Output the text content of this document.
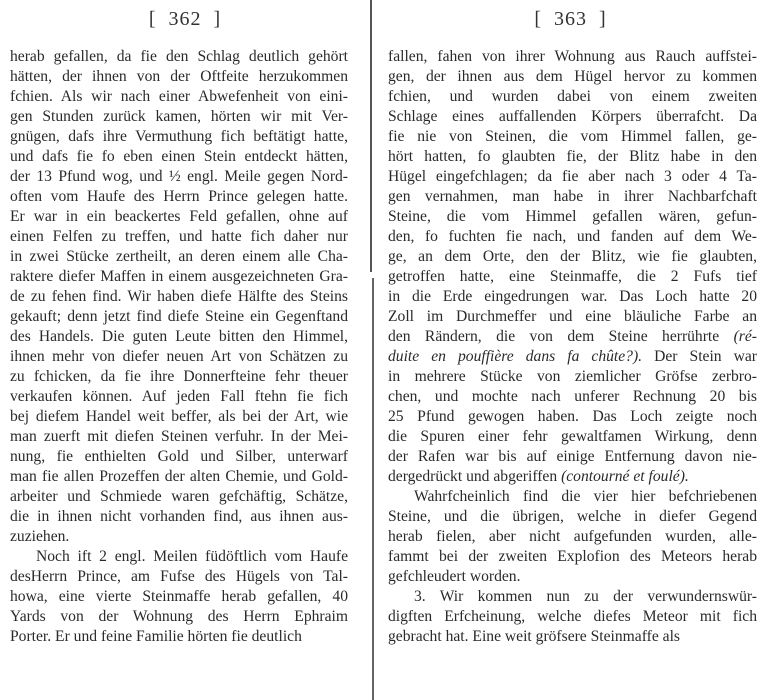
[ 362 ]
herab gefallen, da fie den Schlag deutlich gehört
hätten, der ihnen von der Oftfeite herzukommen
fchien. Als wir nach einer Abwefenheit von eini-
gen Stunden zurück kamen, hörten wir mit Ver-
gnügen, dafs ihre Vermuthung fich beftätigt hatte,
und dafs fie fo eben einen Stein entdeckt hätten,
der 13 Pfund wog, und ½ engl. Meile gegen Nord-
often vom Haufe des Herrn Prince gelegen hatte.
Er war in ein beackertes Feld gefallen, ohne auf
einen Felfen zu treffen, und hatte fich daher nur
in zwei Stücke zertheilt, an deren einem alle Cha-
raktere diefer Maffen in einem ausgezeichneten Gra-
de zu fehen find. Wir haben diefe Hälfte des Steins
gekauft; denn jetzt find diefe Steine ein Gegenftand
des Handels. Die guten Leute bitten den Himmel,
ihnen mehr von diefer neuen Art von Schätzen zu
zu fchicken, da fie ihre Donnerfteine fehr theuer
verkaufen können. Auf jeden Fall ftehn fie fich
bej diefem Handel weit beffer, als bei der Art, wie
man zuerft mit diefen Steinen verfuhr. In der Mei-
nung, fie enthielten Gold und Silber, unterwarf
man fie allen Prozeffen der alten Chemie, und Gold-
arbeiter und Schmiede waren gefchäftig, Schätze,
die in ihnen nicht vorhanden find, aus ihnen aus-
zuziehen.
Noch ift 2 engl. Meilen füdöftlich vom Haufe
desHerrn Prince, am Fufse des Hügels von Tal-
howa, eine vierte Steinmaffe herab gefallen, 40
Yards von der Wohnung des Herrn Ephraim
Porter. Er und feine Familie hörten fie deutlich
[ 363 ]
fallen, fahen von ihrer Wohnung aus Rauch auffstei-
gen, der ihnen aus dem Hügel hervor zu kommen
fchien, und wurden dabei von einem zweiten
Schlage eines auffallenden Körpers überrafcht. Da
fie nie von Steinen, die vom Himmel fallen, ge-
hört hatten, fo glaubten fie, der Blitz habe in den
Hügel eingefchlagen; da fie aber nach 3 oder 4 Ta-
gen vernahmen, man habe in ihrer Nachbarfchaft
Steine, die vom Himmel gefallen wären, gefun-
den, fo fuchten fie nach, und fanden auf dem We-
ge, an dem Orte, den der Blitz, wie fie glaubten,
getroffen hatte, eine Steinmaffe, die 2 Fufs tief
in die Erde eingedrungen war. Das Loch hatte 20
Zoll im Durchmeffer und eine bläuliche Farbe an
den Rändern, die von dem Steine herrührte (ré-
duite en pouffière dans fa chûte?). Der Stein war
in mehrere Stücke von ziemlicher Gröfse zerbro-
chen, und mochte nach unferer Rechnung 20 bis
25 Pfund gewogen haben. Das Loch zeigte noch
die Spuren einer fehr gewaltfamen Wirkung, denn
der Rafen war bis auf einige Entfernung davon nie-
dergedrückt und abgeriffen (contourné et foulé).
Wahrfcheinlich find die vier hier befchriebenen
Steine, und die übrigen, welche in diefer Gegend
herab fielen, aber nicht aufgefunden wurden, alle-
fammt bei der zweiten Explofion des Meteors herab
gefchleudert worden.
3. Wir kommen nun zu der verwundernswür-
digften Erfcheinung, welche diefes Meteor mit fich
gebracht hat. Eine weit gröfsere Steinmaffe als
